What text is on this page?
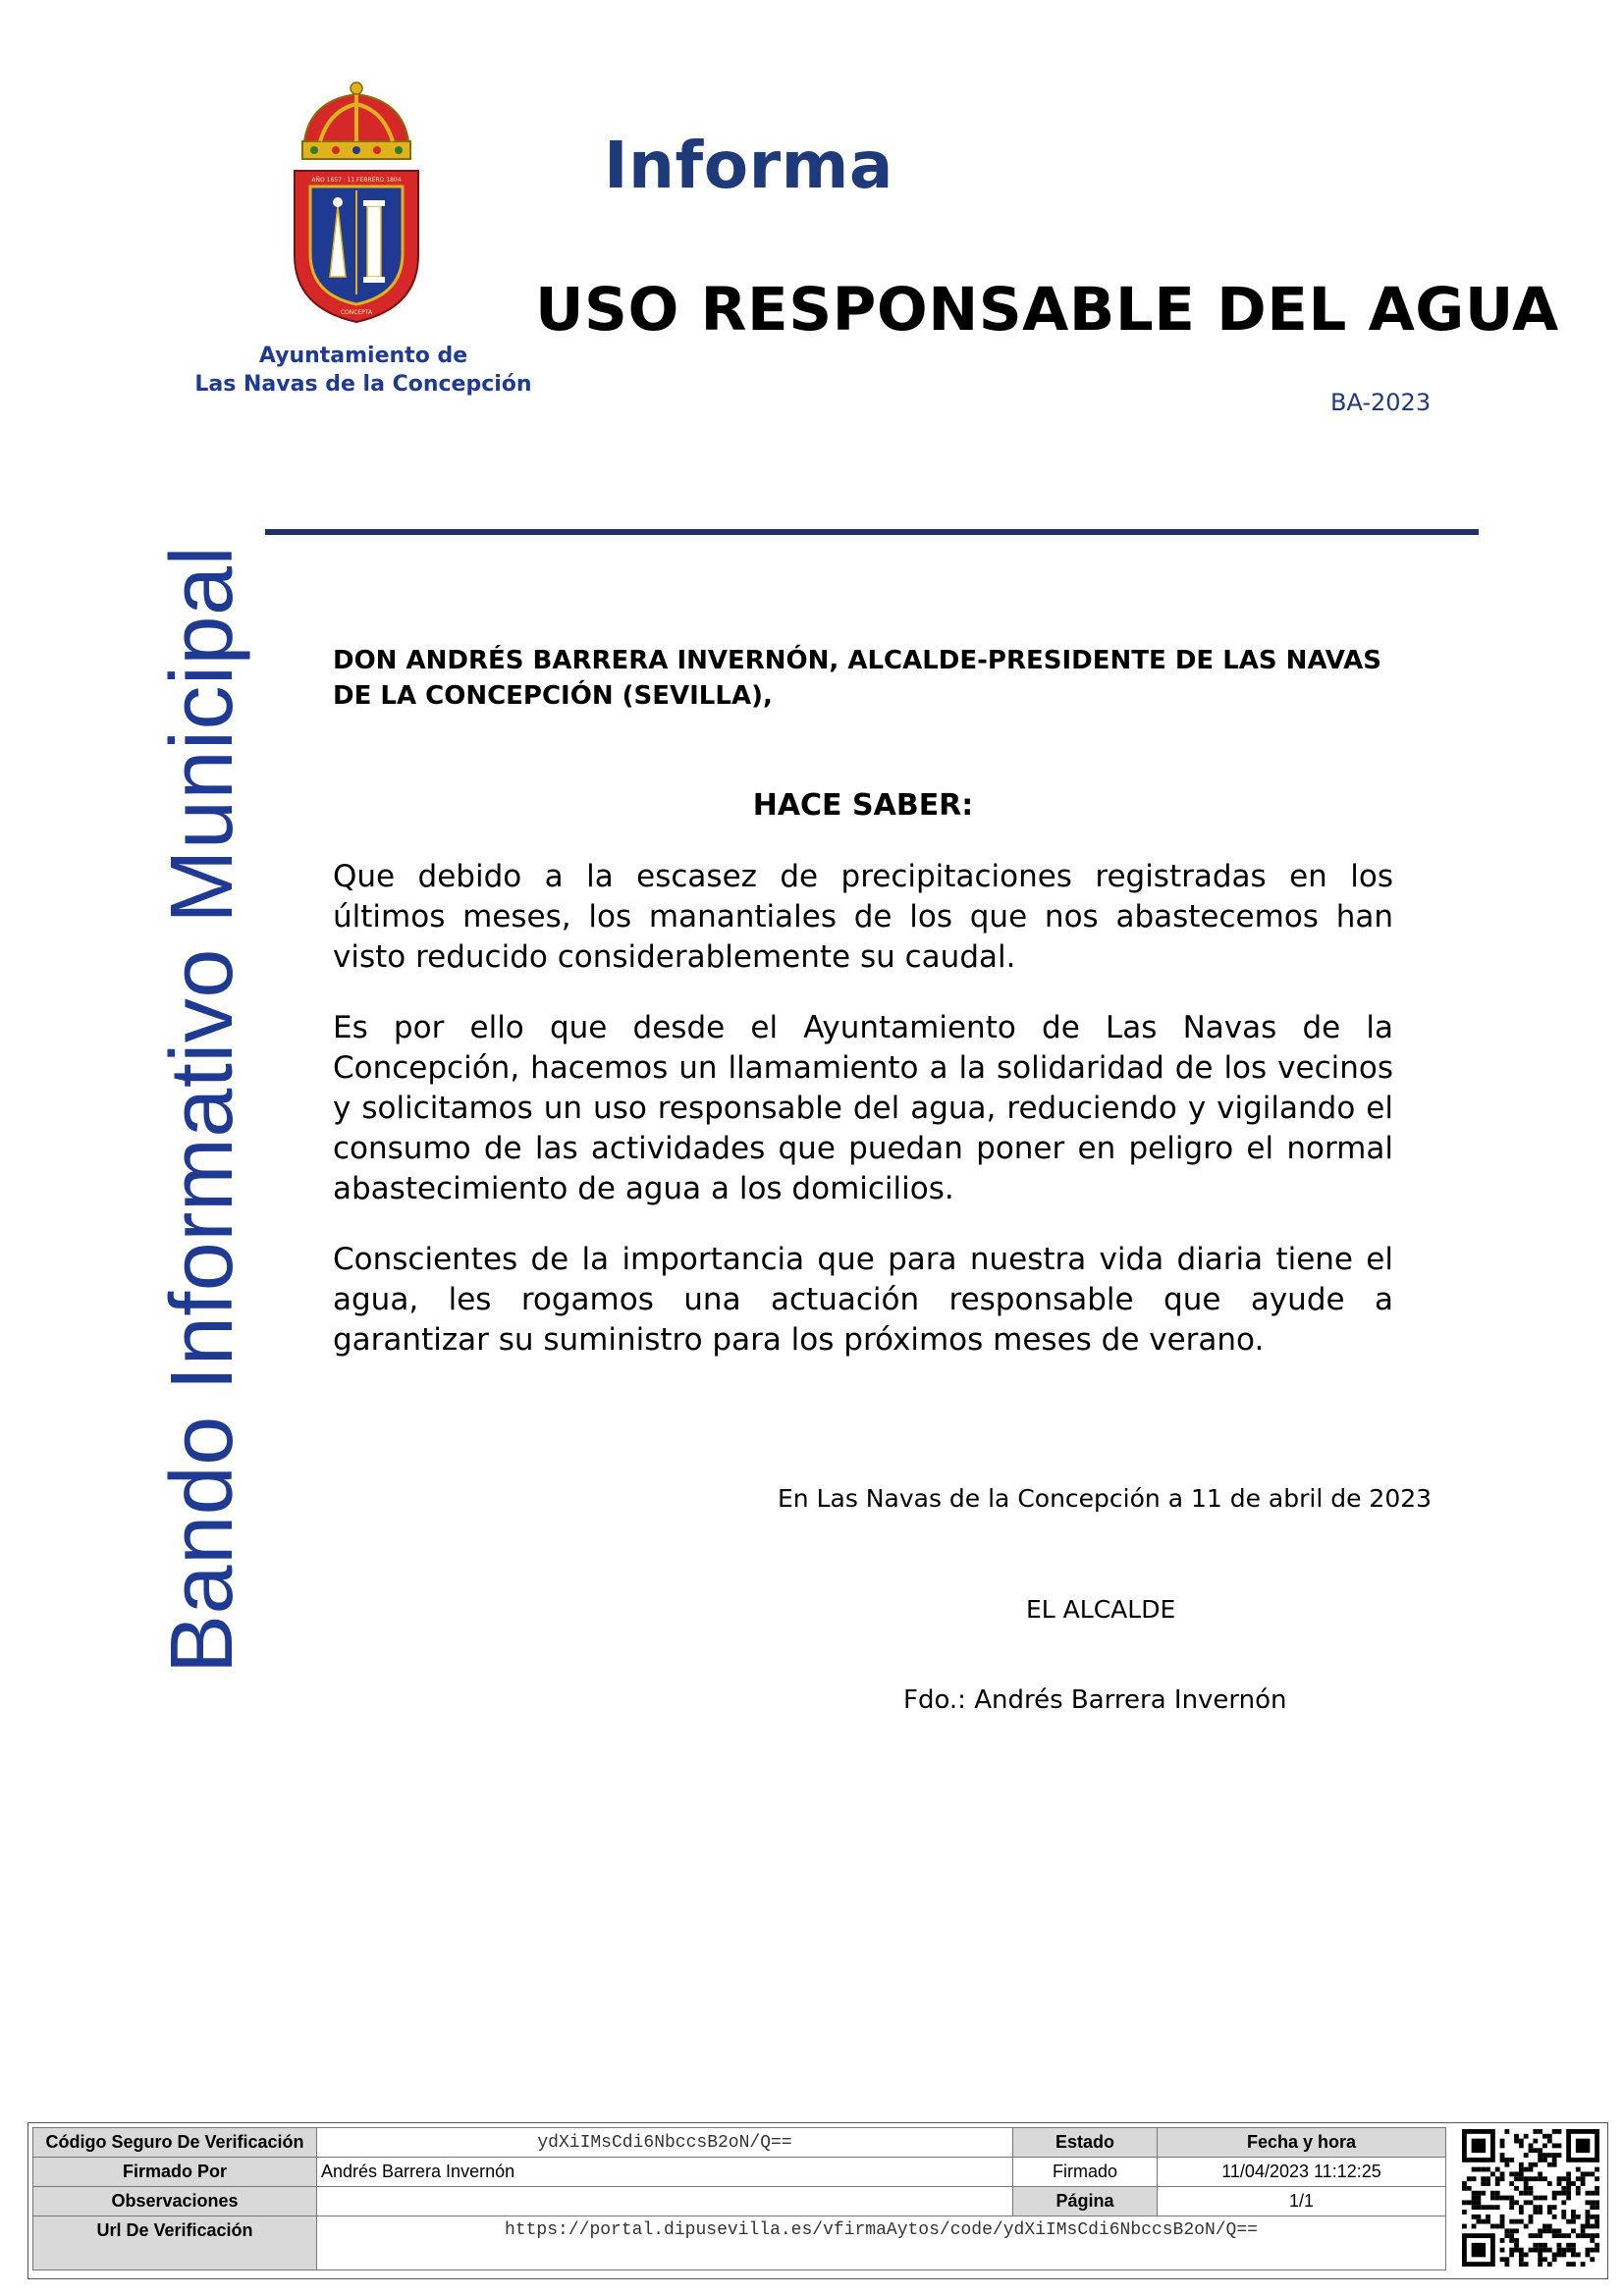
AÑO 1657 · 11 FEBRERO 1804
CONCEPTA
Ayuntamiento de
Las Navas de la Concepción
Informa
USO RESPONSABLE DEL AGUA
BA-2023
Bando Informativo Municipal	DON ANDRÉS BARRERA INVERNÓN, ALCALDE-PRESIDENTE DE LAS NAVAS DE LA CONCEPCIÓN (SEVILLA),
HACE SABER:

Que debido a la escasez de precipitaciones registradas en los últimos meses, los manantiales de los que nos abastecemos han visto reducido considerablemente su caudal.

Es por ello que desde el Ayuntamiento de Las Navas de la Concepción, hacemos un llamamiento a la solidaridad de los vecinos y solicitamos un uso responsable del agua, reduciendo y vigilando el consumo de las actividades que puedan poner en peligro el normal abastecimiento de agua a los domicilios.

Conscientes de la importancia que para nuestra vida diaria tiene el agua, les rogamos una actuación responsable que ayude a garantizar su suministro para los próximos meses de verano.

En Las Navas de la Concepción a 11 de abril de 2023
EL ALCALDE
Fdo.: Andrés Barrera Invernón
Código Seguro De Verificación	ydXiIMsCdi6NbccsB2oN/Q==	Estado	Fecha y hora
Firmado Por	Andrés Barrera Invernón	Firmado	11/04/2023 11:12:25
Observaciones		Página	1/1
Url De Verificación	https://portal.dipusevilla.es/vfirmaAytos/code/ydXiIMsCdi6NbccsB2oN/Q==		
